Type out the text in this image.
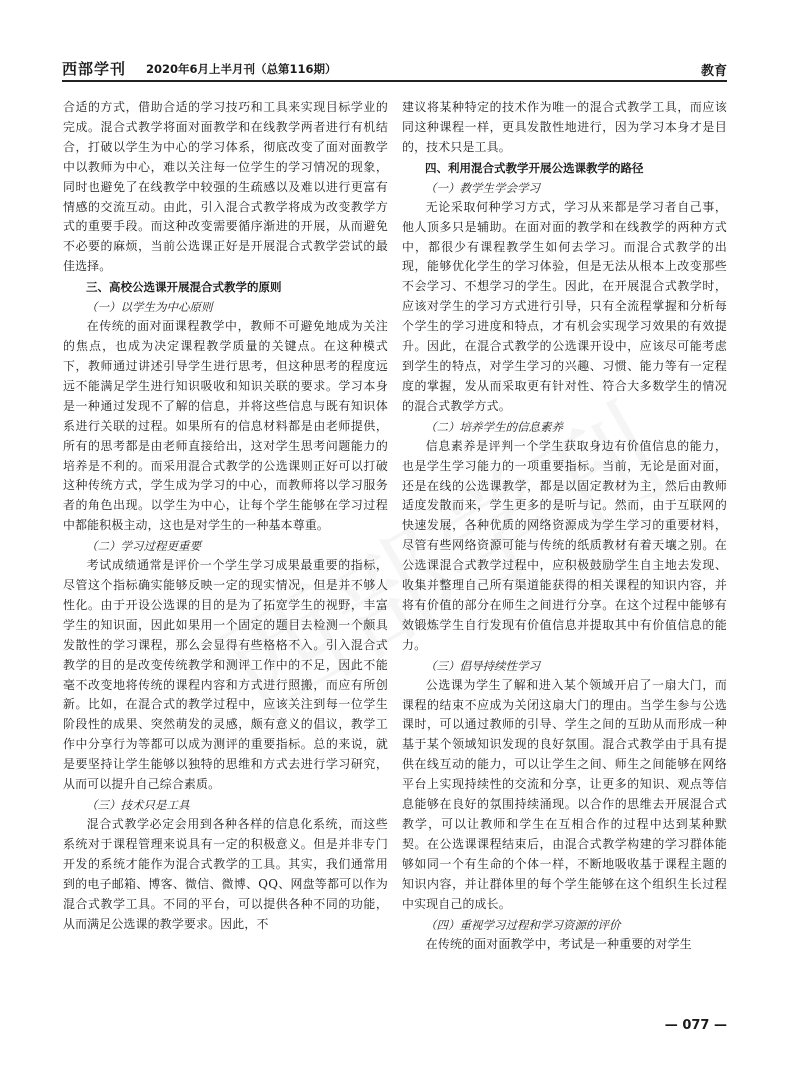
西部学刊 2020年6月上半月刊（总第116期）	教育

合适的方式，借助合适的学习技巧和工具来实现目标学业的完成。混合式教学将面对面教学和在线教学两者进行有机结合，打破以学生为中心的学习体系，彻底改变了面对面教学中以教师为中心，难以关注每一位学生的学习情况的现象，同时也避免了在线教学中较强的生疏感以及难以进行更富有情感的交流互动。由此，引入混合式教学将成为改变教学方式的重要手段。而这种改变需要循序渐进的开展，从而避免不必要的麻烦，当前公选课正好是开展混合式教学尝试的最佳选择。

三、高校公选课开展混合式教学的原则

（一）以学生为中心原则

在传统的面对面课程教学中，教师不可避免地成为关注的焦点，也成为决定课程教学质量的关键点。在这种模式下，教师通过讲述引导学生进行思考，但这种思考的程度远远不能满足学生进行知识吸收和知识关联的要求。学习本身是一种通过发现不了解的信息，并将这些信息与既有知识体系进行关联的过程。如果所有的信息材料都是由老师提供，所有的思考都是由老师直接给出，这对学生思考问题能力的培养是不利的。而采用混合式教学的公选课则正好可以打破这种传统方式，学生成为学习的中心，而教师将以学习服务者的角色出现。以学生为中心，让每个学生能够在学习过程中都能积极主动，这也是对学生的一种基本尊重。

（二）学习过程更重要

考试成绩通常是评价一个学生学习成果最重要的指标，尽管这个指标确实能够反映一定的现实情况，但是并不够人性化。由于开设公选课的目的是为了拓宽学生的视野，丰富学生的知识面，因此如果用一个固定的题目去检测一个颇具发散性的学习课程，那么会显得有些格格不入。引入混合式教学的目的是改变传统教学和测评工作中的不足，因此不能毫不改变地将传统的课程内容和方式进行照搬，而应有所创新。比如，在混合式的教学过程中，应该关注到每一位学生阶段性的成果、突然萌发的灵感，颇有意义的倡议，教学工作中分享行为等都可以成为测评的重要指标。总的来说，就是要坚持让学生能够以独特的思维和方式去进行学习研究，从而可以提升自己综合素质。

（三）技术只是工具

混合式教学必定会用到各种各样的信息化系统，而这些系统对于课程管理来说具有一定的积极意义。但是并非专门开发的系统才能作为混合式教学的工具。其实，我们通常用到的电子邮箱、博客、微信、微博、QQ、网盘等都可以作为混合式教学工具。不同的平台，可以提供各种不同的功能，从而满足公选课的教学要求。因此，不

建议将某种特定的技术作为唯一的混合式教学工具，而应该同这种课程一样，更具发散性地进行，因为学习本身才是目的，技术只是工具。

四、利用混合式教学开展公选课教学的路径

（一）教学生学会学习

无论采取何种学习方式，学习从来都是学习者自己事，他人顶多只是辅助。在面对面的教学和在线教学的两种方式中，都很少有课程教学生如何去学习。而混合式教学的出现，能够优化学生的学习体验，但是无法从根本上改变那些不会学习、不想学习的学生。因此，在开展混合式教学时，应该对学生的学习方式进行引导，只有全流程掌握和分析每个学生的学习进度和特点，才有机会实现学习效果的有效提升。因此，在混合式教学的公选课开设中，应该尽可能考虑到学生的特点，对学生学习的兴趣、习惯、能力等有一定程度的掌握，发从而采取更有针对性、符合大多数学生的情况的混合式教学方式。

（二）培养学生的信息素养

信息素养是评判一个学生获取身边有价值信息的能力，也是学生学习能力的一项重要指标。当前，无论是面对面，还是在线的公选课教学，都是以固定教材为主，然后由教师适度发散而来，学生更多的是听与记。然而，由于互联网的快速发展，各种优质的网络资源成为学生学习的重要材料，尽管有些网络资源可能与传统的纸质教材有着天壤之别。在公选课混合式教学过程中，应积极鼓励学生自主地去发现、收集并整理自己所有渠道能获得的相关课程的知识内容，并将有价值的部分在师生之间进行分享。在这个过程中能够有效锻炼学生自行发现有价值信息并提取其中有价值信息的能力。

（三）倡导持续性学习

公选课为学生了解和进入某个领域开启了一扇大门，而课程的结束不应成为关闭这扇大门的理由。当学生参与公选课时，可以通过教师的引导、学生之间的互助从而形成一种基于某个领域知识发现的良好氛围。混合式教学由于具有提供在线互动的能力，可以让学生之间、师生之间能够在网络平台上实现持续性的交流和分享，让更多的知识、观点等信息能够在良好的氛围持续涌现。以合作的思维去开展混合式教学，可以让教师和学生在互相合作的过程中达到某种默契。在公选课课程结束后，由混合式教学构建的学习群体能够如同一个有生命的个体一样，不断地吸收基于课程主题的知识内容，并让群体里的每个学生能够在这个组织生长过程中实现自己的成长。

（四）重视学习过程和学习资源的评价

在传统的面对面教学中，考试是一种重要的对学生

— 077 —
